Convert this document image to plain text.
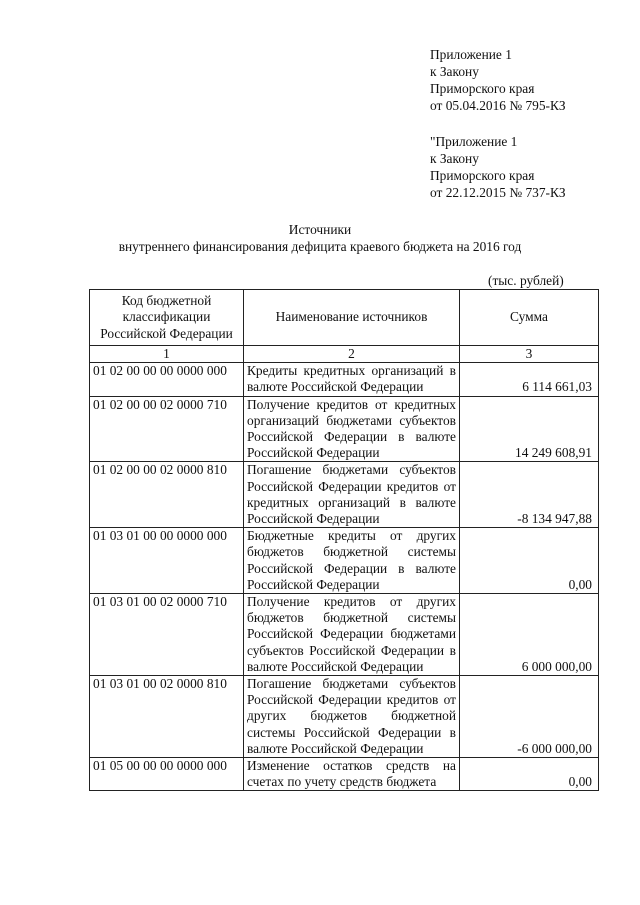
Приложение 1
к Закону
Приморского края
от 05.04.2016 № 795-КЗ
"Приложение 1
к Закону
Приморского края
от 22.12.2015 № 737-КЗ
Источники
внутреннего финансирования дефицита краевого бюджета на 2016 год
(тыс. рублей)
Код бюджетной классификации Российской Федерации	Наименование источников	Сумма
1	2	3
01 02 00 00 00 0000 000	Кредиты кредитных организаций в валюте Российской Федерации	6 114 661,03
01 02 00 00 02 0000 710	Получение кредитов от кредитных организаций бюджетами субъектов Российской Федерации в валюте Российской Федерации	14 249 608,91
01 02 00 00 02 0000 810	Погашение бюджетами субъектов Российской Федерации кредитов от кредитных организаций в валюте Российской Федерации	-8 134 947,88
01 03 01 00 00 0000 000	Бюджетные кредиты от других бюджетов бюджетной системы Российской Федерации в валюте Российской Федерации	0,00
01 03 01 00 02 0000 710	Получение кредитов от других бюджетов бюджетной системы Российской Федерации бюджетами субъектов Российской Федерации в валюте Российской Федерации	6 000 000,00
01 03 01 00 02 0000 810	Погашение бюджетами субъектов Российской Федерации кредитов от других бюджетов бюджетной системы Российской Федерации в валюте Российской Федерации	-6 000 000,00
01 05 00 00 00 0000 000	Изменение остатков средств на счетах по учету средств бюджета	0,00
